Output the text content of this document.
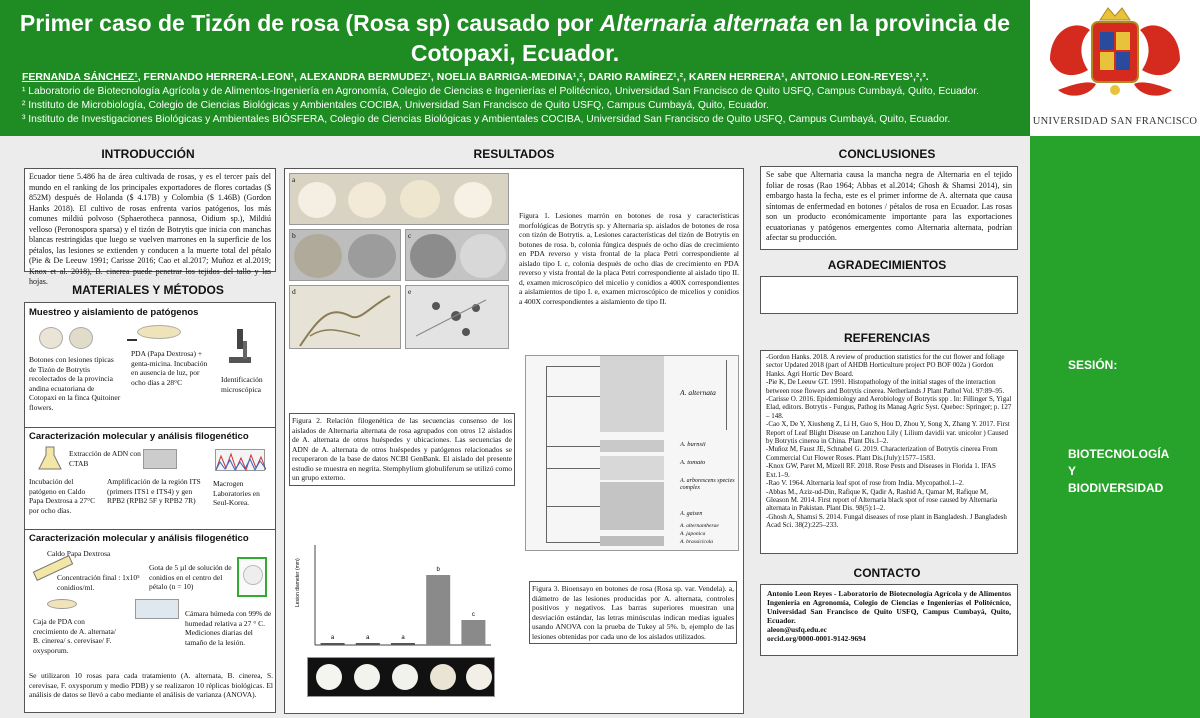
Primer caso de Tizón de rosa (Rosa sp) causado por Alternaria alternata en la provincia de Cotopaxi, Ecuador.
FERNANDA SÁNCHEZ¹, FERNANDO HERRERA-LEON¹, ALEXANDRA BERMUDEZ¹, NOELIA BARRIGA-MEDINA¹,², DARIO RAMÍREZ¹,², KAREN HERRERA¹, ANTONIO LEON-REYES¹,²,³.
¹ Laboratorio de Biotecnología Agrícola y de Alimentos-Ingeniería en Agronomía, Colegio de Ciencias e Ingenierías el Politécnico, Universidad San Francisco de Quito USFQ, Campus Cumbayá, Quito, Ecuador.
² Instituto de Microbiología, Colegio de Ciencias Biológicas y Ambientales COCIBA, Universidad San Francisco de Quito USFQ, Campus Cumbayá, Quito, Ecuador.
³ Instituto de Investigaciones Biológicas y Ambientales BIÓSFERA, Colegio de Ciencias Biológicas y Ambientales COCIBA, Universidad San Francisco de Quito USFQ, Campus Cumbayá, Quito, Ecuador.	UNIVERSIDAD SAN FRANCISCO
SESIÓN:
BIOTECNOLOGÍA
Y
BIODIVERSIDAD
INTRODUCCIÓN
Ecuador tiene 5.486 ha de área cultivada de rosas, y es el tercer país del mundo en el ranking de los principales exportadores de flores cortadas ($ 852M) después de Holanda ($ 4.17B) y Colombia ($ 1.46B) (Gordon Hanks 2018). El cultivo de rosas enfrenta varios patógenos, los más comunes mildiú polvoso (Sphaerotheca pannosa, Oidium sp.), Mildiú velloso (Peronospora sparsa) y el tizón de Botrytis que inicia con manchas blancas restringidas que luego se vuelven marrones en la superficie de los pétalos, las lesiones se extienden y conducen a la muerte total del pétalo (Pie & De Leeuw 1991; Carisse 2016; Cao et al.2017; Muñoz et al.2019; Knox et al. 2018), B. cinerea puede penetrar los tejidos del tallo y las hojas.
MATERIALES Y MÉTODOS
Muestreo y aislamiento de patógenos
Botones con lesiones típicas de Tizón de Botrytis recolectados de la provincia andina ecuatoriana de Cotopaxi en la finca Quitoiner flowers.
PDA (Papa Dextrosa) + genta-micina. Incubación en ausencia de luz, por ocho días a 28°C	Identificación microscópica
Caracterización molecular y análisis filogenético
Extracción de ADN con CTAB
Incubación del patógeno en Caldo Papa Dextrosa a 27°C por ocho días.
Amplificación de la región ITS (primers ITS1 e ITS4) y gen RPB2 (RPB2 5F y RPB2 7R)
Macrogen Laboratories en Seul-Korea.
Caracterización molecular y análisis filogenético
Caldo Papa Dextrosa
Concentración final : 1x10⁵ conidios/ml.
Gota de 5 µl de solución de conidios en el centro del pétalo (n = 10)
Caja de PDA con crecimiento de A. alternata/ B. cinerea/ s. cerevisae/ F. oxysporum.
Cámara húmeda con 99% de humedad relativa a 27 ° C. Mediciones diarias del tamaño de la lesión.
Se utilizaron 10 rosas para cada tratamiento (A. alternata, B. cinerea, S. cerevisae, F. oxysporum y medio PDB) y se realizaron 10 réplicas biológicas. El análisis de datos se llevó a cabo mediante el análisis de varianza (ANOVA).
RESULTADOS
a
b	c
d	e
Figura 1. Lesiones marrón en botones de rosa y características morfológicas de Botrytis sp. y Alternaria sp. aislados de botones de rosa con tizón de Botrytis. a, Lesiones características del tizón de Botrytis en botones de rosa. b, colonia fúngica después de ocho días de crecimiento en PDA reverso y vista frontal de la placa Petri correspondiente al aislado tipo I. c, colonia después de ocho días de crecimiento en PDA reverso y vista frontal de la placa Petri correspondiente al aislado tipo II. d, examen microscópico del micelio y conidios a 400X correspondientes a aislamientos de tipo I. e, examen microscópico de micelios y conidios a 400X correspondientes a aislamiento de tipo II.
Figura 2. Relación filogenética de las secuencias consenso de los aislados de Alternaria alternata de rosa agrupados con otros 12 aislados de A. alternata de otros huéspedes y ubicaciones. Las secuencias de ADN de A. alternata de otros huéspedes y patógenos relacionados se recuperaron de la base de datos NCBI GenBank. El aislado del presente estudio se muestra en negrita. Stemphylium globuliferum se utilizó como un grupo externo.
A. alternata
A. burnsii
A. tomato
A. arborescens species complex
A. gaisen
A. alternantherae
A. japonica
A. brassicicola
Lesion diameter (mm)
a	a	a
b
c
Figura 3. Bioensayo en botones de rosa (Rosa sp. var. Vendela). a, diámetro de las lesiones producidas por A. alternata, controles positivos y negativos. Las barras superiores muestran una desviación estándar, las letras minúsculas indican medias iguales usando ANOVA con la prueba de Tukey al 5%. b, ejemplo de las lesiones obtenidas por cada uno de los aislados utilizados.
CONCLUSIONES
Se sabe que Alternaria causa la mancha negra de Alternaria en el tejido foliar de rosas (Rao 1964; Abbas et al.2014; Ghosh & Shamsi 2014), sin embargo hasta la fecha, este es el primer informe de A. alternata que causa síntomas de enfermedad en botones / pétalos de rosa en Ecuador. Las rosas son un producto económicamente importante para las exportaciones ecuatorianas y patógenos emergentes como Alternaria alternata, podrían afectar su producción.
AGRADECIMIENTOS
REFERENCIAS
-Gordon Hanks. 2018. A review of production statistics for the cut flower and foliage sector Updated 2018 (part of AHDB Horticulture project PO BOF 002a ) Gordon Hanks. Agri Hortic Dev Board.
-Pie K, De Leeuw GT. 1991. Histopathology of the initial stages of the interaction between rose flowers and Botrytis cinerea. Netherlands J Plant Pathol Vol. 97:89–95.
-Carisse O. 2016. Epidemiology and Aerobiology of Botrytis spp . In: Fillinger S, Yigal Elad, editors. Botrytis - Fungus, Pathog its Manag Agric Syst. Quebec: Springer; p. 127 – 148.
-Cao X, De Y, Xiusheng Z, Li H, Guo S, Hou D, Zhou Y, Song X, Zhang Y. 2017. First Report of Leaf Blight Disease on Lanzhou Lily ( Lilium davidii var. unicolor ) Caused by Botrytis cinerea in China. Plant Dis.1–2.
-Muñoz M, Faust JE, Schnabel G. 2019. Characterization of Botrytis cinerea From Commercial Cut Flower Roses. Plant Dis.(July):1577–1583.
-Knox GW, Paret M, Mizell RF. 2018. Rose Pests and Diseases in Florida 1. IFAS Ext.1–9.
-Rao V. 1964. Alternaria leaf spot of rose from India. Mycopathol.1–2.
-Abbas M., Aziz-ud-Din, Rafique K, Qadir A, Rashid A, Qamar M, Rafique M, Gleason M. 2014. First report of Alternaria black spot of rose caused by Alternaria alternata in Pakistan. Plant Dis. 98(5):1–2.
-Ghosh A, Shamsi S. 2014. Fungal diseases of rose plant in Bangladesh. J Bangladesh Acad Sci. 38(2):225–233.
CONTACTO
Antonio Leon Reyes - Laboratorio de Biotecnología Agrícola y de Alimentos Ingeniería en Agronomía, Colegio de Ciencias e Ingenierías el Politécnico, Universidad San Francisco de Quito USFQ, Campus Cumbayá, Quito, Ecuador.
aleon@usfq.edu.ec
orcid.org/0000-0001-9142-9694
